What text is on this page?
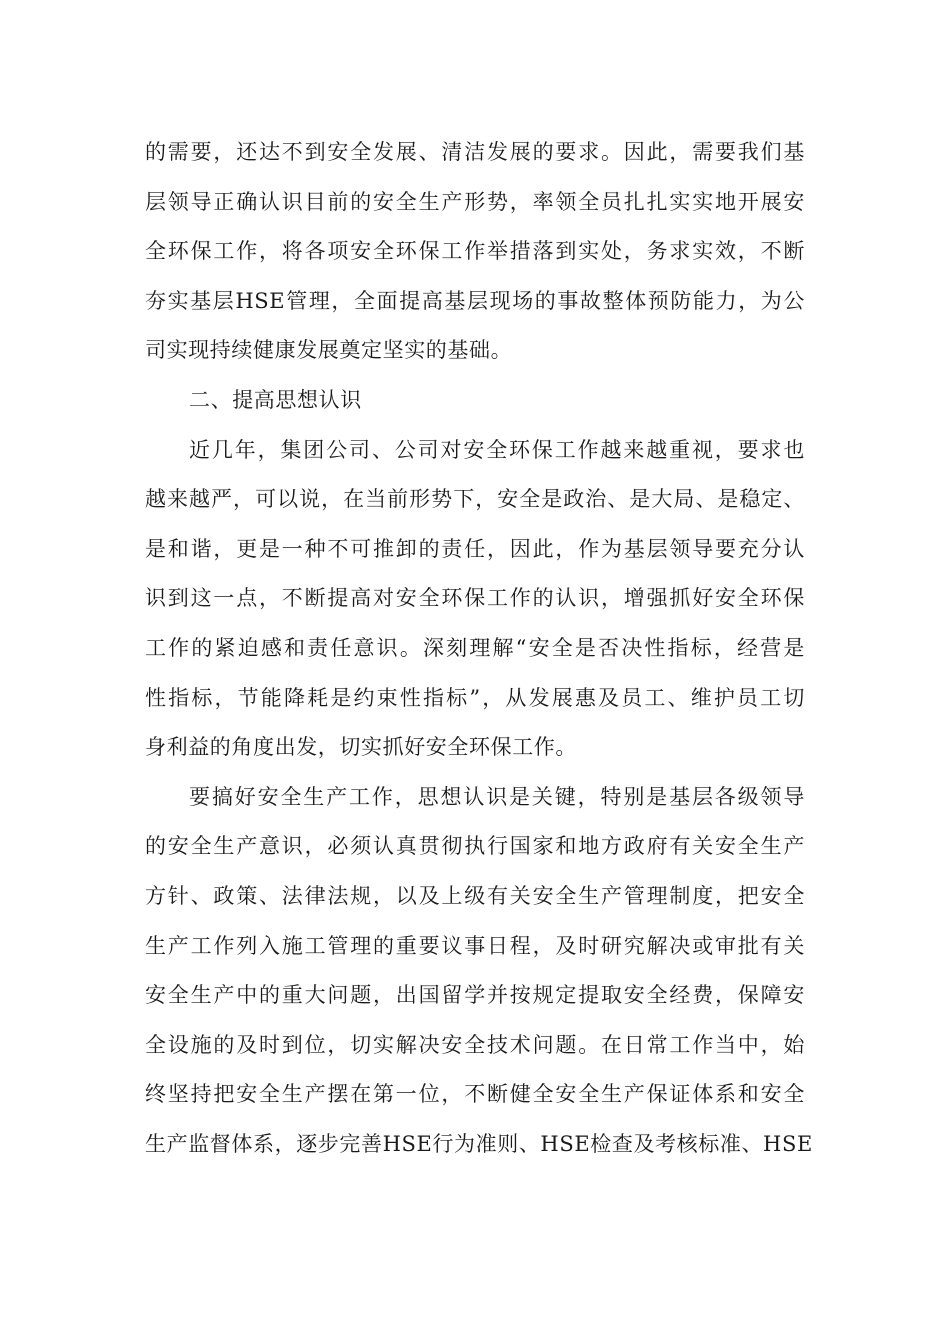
的需要，还达不到安全发展、清洁发展的要求。因此，需要我们基
层领导正确认识目前的安全生产形势，率领全员扎扎实实地开展安
全环保工作，将各项安全环保工作举措落到实处，务求实效，不断
夯实基层HSE管理，全面提高基层现场的事故整体预防能力，为公
司实现持续健康发展奠定坚实的基础。
二、提高思想认识
近几年，集团公司、公司对安全环保工作越来越重视，要求也
越来越严，可以说，在当前形势下，安全是政治、是大局、是稳定、
是和谐，更是一种不可推卸的责任，因此，作为基层领导要充分认
识到这一点，不断提高对安全环保工作的认识，增强抓好安全环保
工作的紧迫感和责任意识。深刻理解“安全是否决性指标，经营是
性指标，节能降耗是约束性指标”，从发展惠及员工、维护员工切
身利益的角度出发，切实抓好安全环保工作。
要搞好安全生产工作，思想认识是关键，特别是基层各级领导
的安全生产意识，必须认真贯彻执行国家和地方政府有关安全生产
方针、政策、法律法规，以及上级有关安全生产管理制度，把安全
生产工作列入施工管理的重要议事日程，及时研究解决或审批有关
安全生产中的重大问题，出国留学并按规定提取安全经费，保障安
全设施的及时到位，切实解决安全技术问题。在日常工作当中，始
终坚持把安全生产摆在第一位，不断健全安全生产保证体系和安全
生产监督体系，逐步完善HSE行为准则、HSE检查及考核标准、HSE
